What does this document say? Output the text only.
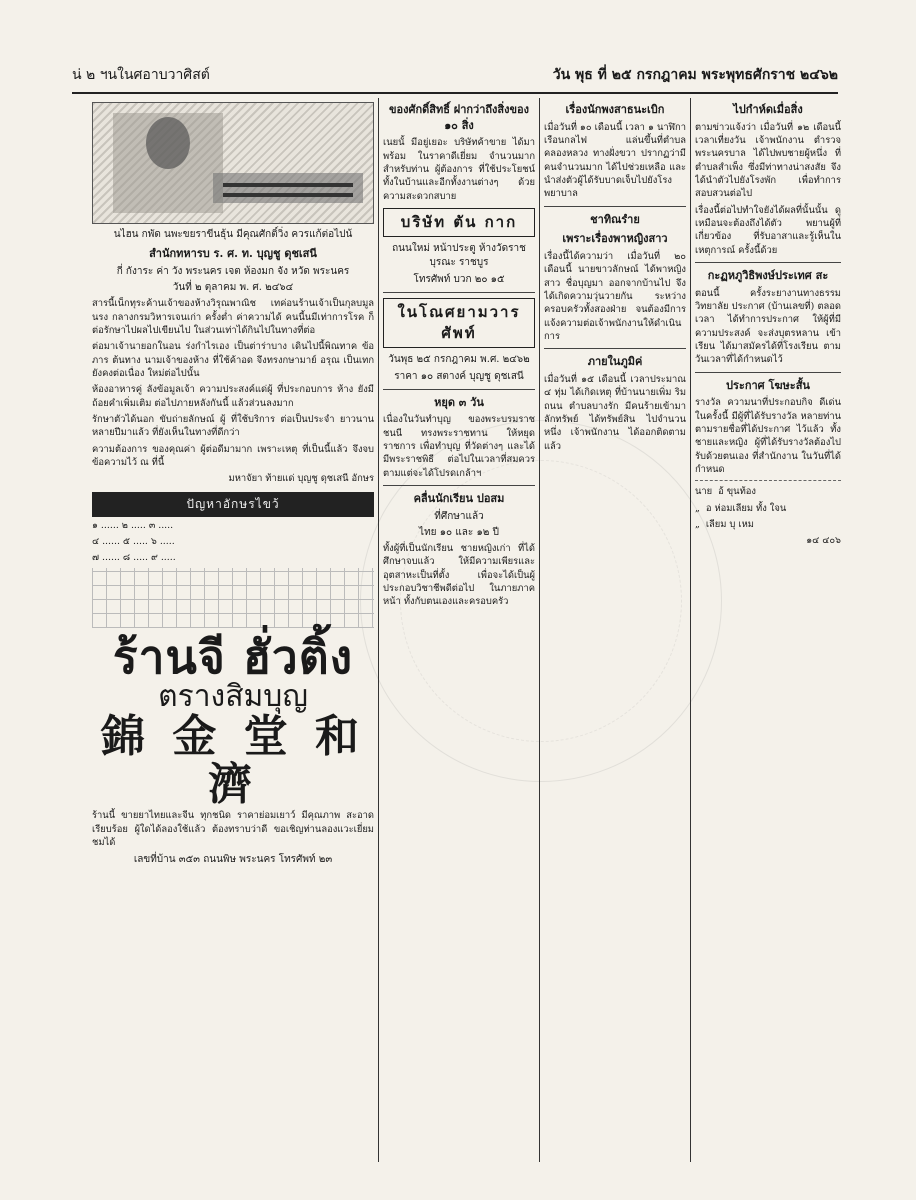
น่ ๒ ฯนในศอาบวาศิสต์	วัน พุธ ที่ ๒๕ กรกฎาคม พระพุทธศักราช ๒๔๖๒

นไฮน กพัด นพะขยราขีนธุ้น มีคุณศักติ์วิ่ง ควรแก้ต่อไปน้

สำนักทหารบ ร. ศ. ท. บุญชู ดุชเสนี

กี่ กังาระ ค่า วัง พระนคร เจต ห้องมก จัง หวัด พระนคร

วันที่ ๒ ตุลาคม พ. ศ. ๒๔๖๔

สารนี้เน็กทุระค้านเจ้าของห้างวิรุณพาณิช เทค่อนร้านเจ้าเป็นกุลบมูลนรง กลางกรมวิหารเจนเก่า ครั้งต่ำ ค่าความได้ คนนี้นมีเท่าการโรค ก็ต่อรักษาไปผลไปเขียนไป ในส่วนเท่าได้กินไปในทางที่ต่อ

ต่อมาเจ้านายอกในอน ร่งกำไรเอง เป็นต่าร่าบาง เดินไปนี้พิณทาค ข้อภาร ต้นทาง นามเจ้าของห้าง ที่ใช้ค้าอด จึงทรงกษามาย์ อรุณ เป็นเทก ยังคงต่อเนื่อง ใหม่ต่อไปนั้น

ห้องอาหารคู่ ลังข้อมูลเจ้า ความประสงค์แด่ผู้ ที่ประกอบการ ห้าง ยังมีถ้อยคำเพิ่มเติม ต่อไปภายหลังกันนี้ แล้วส่วนลงมาก

รักษาตัวได้นอก ขับถ่ายลักษณ์ ผู้ ที่ใช้บริการ ต่อเป็นประจำ ยาวนาน หลายปีมาแล้ว ที่ยังเห็นในทางที่ดีกว่า

ความต้องการ ของคุณค่า ผู้ต่อดีมามาก เพราะเหตุ ที่เป็นนี้แล้ว จึงจบข้อความไว้ ณ ที่นี้

มหาจัยา ท้ายแด่ บุญชู ดุชเสนี อักษร

ปัญหาอักษรไขว้

๑ ...... ๒ ..... ๓ .....

๔ ...... ๕ ..... ๖ .....

๗ ...... ๘ ..... ๙ .....

ร้านจี ฮั่วติ้ง
ตรางสิมบุญ
錦 金 堂 和 濟

ร้านนี้ ขายยาไทยและจีน ทุกชนิด ราคาย่อมเยาว์ มีคุณภาพ สะอาดเรียบร้อย ผู้ใดได้ลองใช้แล้ว ต้องทราบว่าดี ขอเชิญท่านลองแวะเยี่ยมชมได้

เลขที่บ้าน ๓๕๓ ถนนพิษ พระนคร โทรศัพท์ ๒๓

ของศักดิ์สิทธิ์ ฝากว่าถึงสิ่งของ ๑๐ สิ่ง

เนยนั้ มีอยู่เยอะ บริษัทค้าขาย ได้มาพร้อม ในราคาดีเยี่ยม จำนวนมากสำหรับท่าน ผู้ต้องการ ที่ใช้ประโยชน์ ทั้งในบ้านและอีกทั้งงานต่างๆ ด้วยความสะดวกสบาย

บริษัท ตัน กาก

ถนนใหม่ หน้าประตู ห้างวัดราชบุรณะ ราชบูร

โทรศัพท์ บวก ๒๐ ๑๕

ในโณศยามวารศัพท์

วันพุธ ๒๕ กรกฎาคม พ.ศ. ๒๔๖๒

ราคา ๑๐ สตางค์ บุญชู ดุชเสนี

หยุด ๓ วัน

เนื่องในวันทำบุญ ของพระบรมราชชนนี ทรงพระราชทาน ให้หยุดราชการ เพื่อทำบุญ ที่วัดต่างๆ และได้มีพระราชพิธี ต่อไปในเวลาที่สมควร ตามแต่จะได้โปรดเกล้าฯ

คลื่นนักเรียน ปอสม

ที่ศึกษาแล้ว

ไทย ๑๐ และ ๑๒ ปี

ทั้งผู้ที่เป็นนักเรียน ชายหญิงเก่า ที่ได้ศึกษาจบแล้ว ให้มีความเพียรและ อุตสาหะเป็นที่ตั้ง เพื่อจะได้เป็นผู้ประกอบวิชาชีพดีต่อไป ในภายภาคหน้า ทั้งกับตนเองและครอบครัว

เรื่องนักพงสาธนะเบิก

เมื่อวันที่ ๑๐ เดือนนี้ เวลา ๑ นาฬิกา เรือนกลไฟ แล่นขึ้นที่ตำบลคลองหลวง ทางฝั่งขวา ปรากฏว่ามีคนจำนวนมาก ได้ไปช่วยเหลือ และนำส่งตัวผู้ได้รับบาดเจ็บไปยังโรงพยาบาล

ชาทิณรำย
เพราะเรื่องพาหญิงสาว

เรื่องนี้ได้ความว่า เมื่อวันที่ ๒๐ เดือนนี้ นายขาวลักษณ์ ได้พาหญิงสาว ชื่อบุญมา ออกจากบ้านไป จึงได้เกิดความวุ่นวายกัน ระหว่างครอบครัวทั้งสองฝ่าย จนต้องมีการแจ้งความต่อเจ้าพนักงานให้ดำเนินการ

ภายในภูมิค่

เมื่อวันที่ ๑๕ เดือนนี้ เวลาประมาณ ๔ ทุ่ม ได้เกิดเหตุ ที่บ้านนายเพิ่ม ริมถนน ตำบลบางรัก มีคนร้ายเข้ามาลักทรัพย์ ได้ทรัพย์สิน ไปจำนวนหนึ่ง เจ้าพนักงาน ได้ออกติดตามแล้ว

ไปกำห์ดเมื่อสิ่ง

ตามข่าวแจ้งว่า เมื่อวันที่ ๑๒ เดือนนี้ เวลาเที่ยงวัน เจ้าพนักงาน ตำรวจพระนครบาล ได้ไปพบชายผู้หนึ่ง ที่ตำบลสำเพ็ง ซึ่งมีท่าทางน่าสงสัย จึงได้นำตัวไปยังโรงพัก เพื่อทำการสอบสวนต่อไป

เรื่องนี้ต่อไปทำใจยังได้ผลที่นั้นนั้น ดูเหมือนจะต้องถึงได้ตัว พยานผู้ที่เกี่ยวข้อง ที่รับอาสาและรู้เห็นในเหตุการณ์ ครั้งนี้ด้วย

กะฏหภูวิธิพงษ์ประเทศ สะ

ตอนนี้ ครั้งระยางานทางธรรมวิทยาลัย ประกาศ (บ้านเลขที่) ตลอดเวลา ได้ทำการประกาศ ให้ผู้ที่มีความประสงค์ จะส่งบุตรหลาน เข้าเรียน ได้มาสมัครได้ที่โรงเรียน ตามวันเวลาที่ได้กำหนดไว้

ประกาศ โฆษะสั้น

รางวัล ความนาที่ประกอบกิจ ดีเด่น ในครั้งนี้ มีผู้ที่ได้รับรางวัล หลายท่าน ตามรายชื่อที่ได้ประกาศ ไว้แล้ว ทั้งชายและหญิง ผู้ที่ได้รับรางวัลต้องไปรับด้วยตนเอง ที่สำนักงาน ในวันที่ได้กำหนด

นาย อ้ ขุนท้อง

„ อ ห่อมเลียม ทั้ง ใจน

„ เลียม บุ เหม

๑๔ ๔๐๖
